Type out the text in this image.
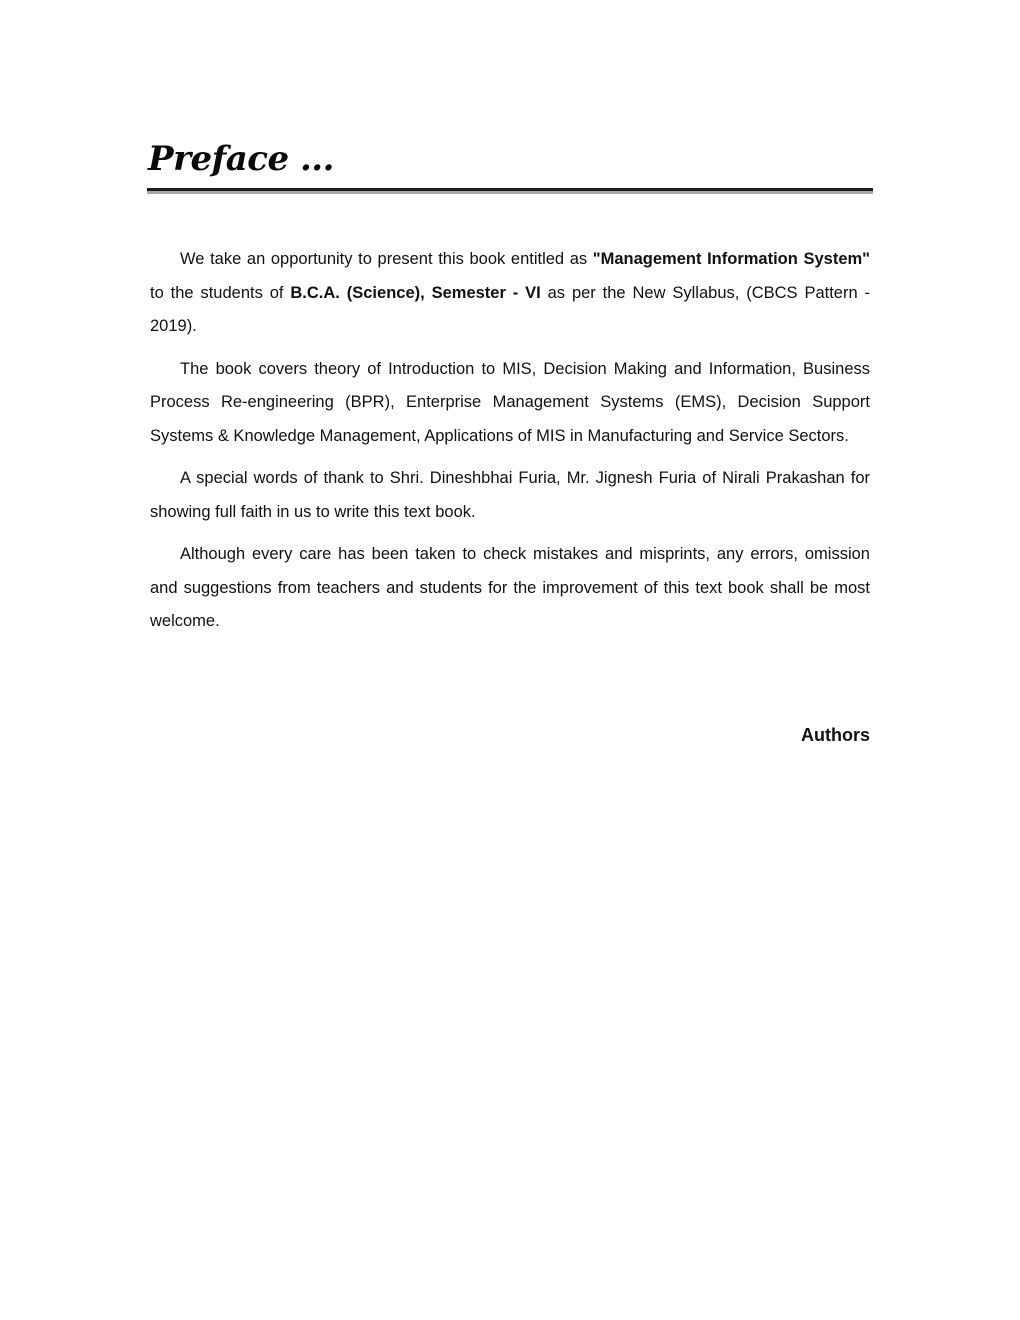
Preface ...

We take an opportunity to present this book entitled as "Management Information System" to the students of B.C.A. (Science), Semester - VI as per the New Syllabus, (CBCS Pattern - 2019).

The book covers theory of Introduction to MIS, Decision Making and Information, Business Process Re-engineering (BPR), Enterprise Management Systems (EMS), Decision Support Systems & Knowledge Management, Applications of MIS in Manufacturing and Service Sectors.

A special words of thank to Shri. Dineshbhai Furia, Mr. Jignesh Furia of Nirali Prakashan for showing full faith in us to write this text book.

Although every care has been taken to check mistakes and misprints, any errors, omission and suggestions from teachers and students for the improvement of this text book shall be most welcome.

Authors
